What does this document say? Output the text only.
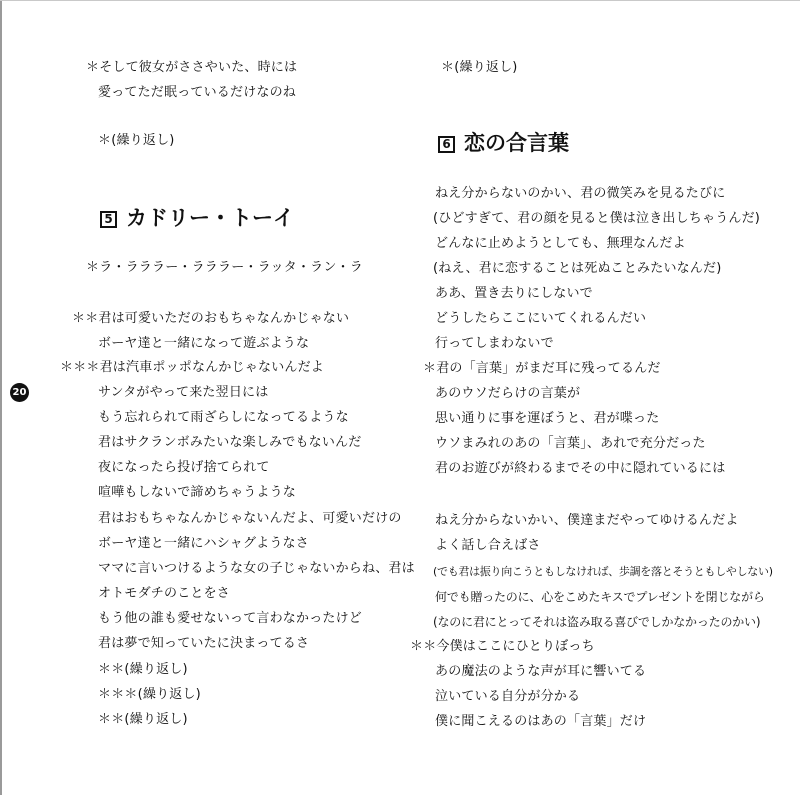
20

＊そして彼女がささやいた、時には

愛ってただ眠っているだけなのね

＊(繰り返し)

5 カドリー・トーイ

＊ラ・ラララー・ラララー・ラッタ・ラン・ラ

＊＊君は可愛いただのおもちゃなんかじゃない

ボーヤ達と一緒になって遊ぶような

＊＊＊君は汽車ポッポなんかじゃないんだよ

サンタがやって来た翌日には

もう忘れられて雨ざらしになってるような

君はサクランボみたいな楽しみでもないんだ

夜になったら投げ捨てられて

喧嘩もしないで諦めちゃうような

君はおもちゃなんかじゃないんだよ、可愛いだけの

ボーヤ達と一緒にハシャグようなさ

ママに言いつけるような女の子じゃないからね、君は

オトモダチのことをさ

もう他の誰も愛せないって言わなかったけど

君は夢で知っていたに決まってるさ

＊＊(繰り返し)

＊＊＊(繰り返し)

＊＊(繰り返し)

＊(繰り返し)

6 恋の合言葉

ねえ分からないのかい、君の微笑みを見るたびに

(ひどすぎて、君の顔を見ると僕は泣き出しちゃうんだ)

どんなに止めようとしても、無理なんだよ

(ねえ、君に恋することは死ぬことみたいなんだ)

ああ、置き去りにしないで

どうしたらここにいてくれるんだい

行ってしまわないで

＊君の「言葉」がまだ耳に残ってるんだ

あのウソだらけの言葉が

思い通りに事を運ぼうと、君が喋った

ウソまみれのあの「言葉」、あれで充分だった

君のお遊びが終わるまでその中に隠れているには

ねえ分からないかい、僕達まだやってゆけるんだよ

よく話し合えばさ

(でも君は振り向こうともしなければ、歩調を落とそうともしやしない)

何でも贈ったのに、心をこめたキスでプレゼントを閉じながら

(なのに君にとってそれは盗み取る喜びでしかなかったのかい)

＊＊今僕はここにひとりぼっち

あの魔法のような声が耳に響いてる

泣いている自分が分かる

僕に聞こえるのはあの「言葉」だけ
